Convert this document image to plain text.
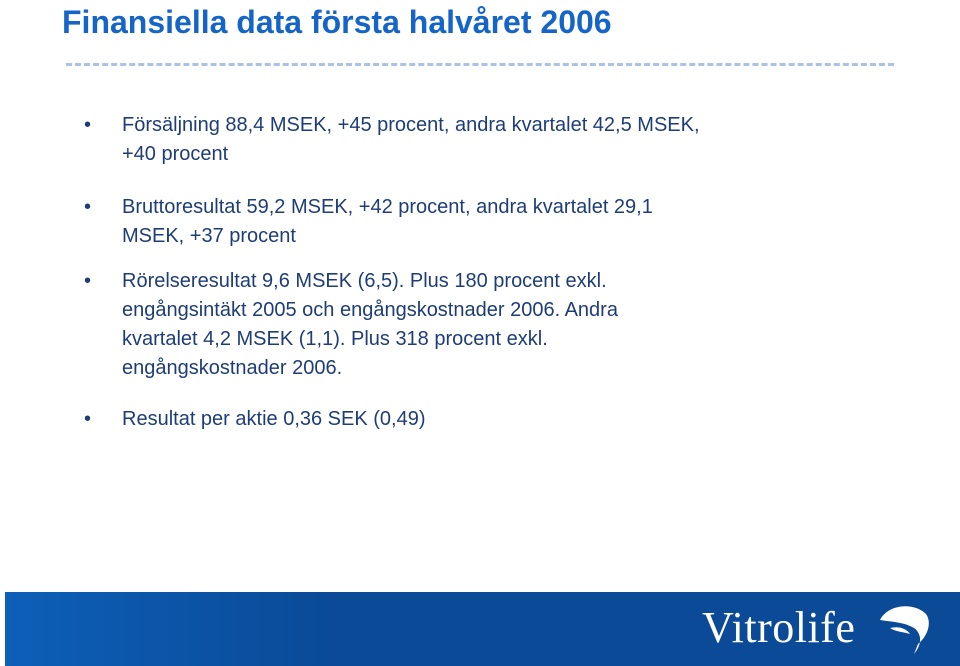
Finansiella data första halvåret 2006
• Försäljning 88,4 MSEK, +45 procent, andra kvartalet 42,5 MSEK,
+40 procent
• Bruttoresultat 59,2 MSEK, +42 procent, andra kvartalet 29,1
MSEK, +37 procent
• Rörelseresultat 9,6 MSEK (6,5). Plus 180 procent exkl.
engångsintäkt 2005 och engångskostnader 2006. Andra
kvartalet 4,2 MSEK (1,1). Plus 318 procent exkl.
engångskostnader 2006.
• Resultat per aktie 0,36 SEK (0,49)
Vitrolife
